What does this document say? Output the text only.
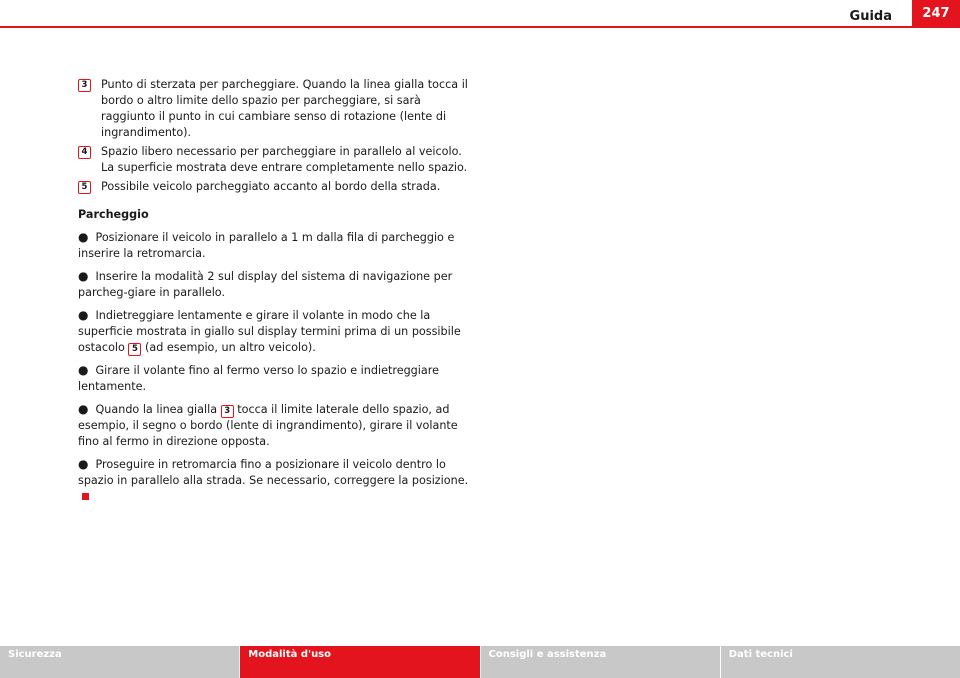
Guida	247
3	Punto di sterzata per parcheggiare. Quando la linea gialla tocca il bordo o altro limite dello spazio per parcheggiare, si sarà raggiunto il punto in cui cambiare senso di rotazione (lente di ingrandimento).
4	Spazio libero necessario per parcheggiare in parallelo al veicolo. La superficie mostrata deve entrare completamente nello spazio.
5	Possibile veicolo parcheggiato accanto al bordo della strada.
Parcheggio
● Posizionare il veicolo in parallelo a 1 m dalla fila di parcheggio e inserire la retromarcia.
● Inserire la modalità 2 sul display del sistema di navigazione per parcheg-giare in parallelo.
● Indietreggiare lentamente e girare il volante in modo che la superficie mostrata in giallo sul display termini prima di un possibile ostacolo 5 (ad esempio, un altro veicolo).
● Girare il volante fino al fermo verso lo spazio e indietreggiare lentamente.
● Quando la linea gialla 3 tocca il limite laterale dello spazio, ad esempio, il segno o bordo (lente di ingrandimento), girare il volante fino al fermo in direzione opposta.
● Proseguire in retromarcia fino a posizionare il veicolo dentro lo spazio in parallelo alla strada. Se necessario, correggere la posizione.
Sicurezza	Modalità d'uso	Consigli e assistenza	Dati tecnici
